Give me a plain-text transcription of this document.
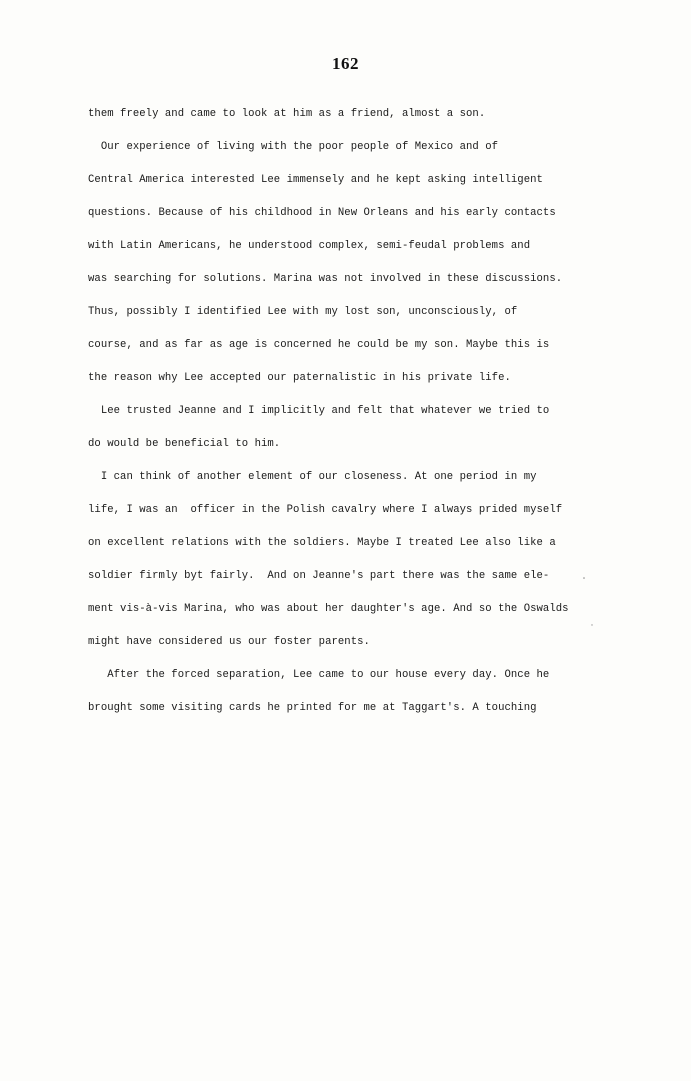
162
them freely and came to look at him as a friend, almost a son.
Our experience of living with the poor people of Mexico and of
Central America interested Lee immensely and he kept asking intelligent
questions. Because of his childhood in New Orleans and his early contacts
with Latin Americans, he understood complex, semi-feudal problems and
was searching for solutions. Marina was not involved in these discussions.
Thus, possibly I identified Lee with my lost son, unconsciously, of
course, and as far as age is concerned he could be my son. Maybe this is
the reason why Lee accepted our paternalistic in his private life.
Lee trusted Jeanne and I implicitly and felt that whatever we tried to
do would be beneficial to him.
I can think of another element of our closeness. At one period in my
life, I was an  officer in the Polish cavalry where I always prided myself
on excellent relations with the soldiers. Maybe I treated Lee also like a
soldier firmly byt fairly.  And on Jeanne's part there was the same ele-
ment vis-à-vis Marina, who was about her daughter's age. And so the Oswalds
might have considered us our foster parents.
After the forced separation, Lee came to our house every day. Once he
brought some visiting cards he printed for me at Taggart's. A touching
